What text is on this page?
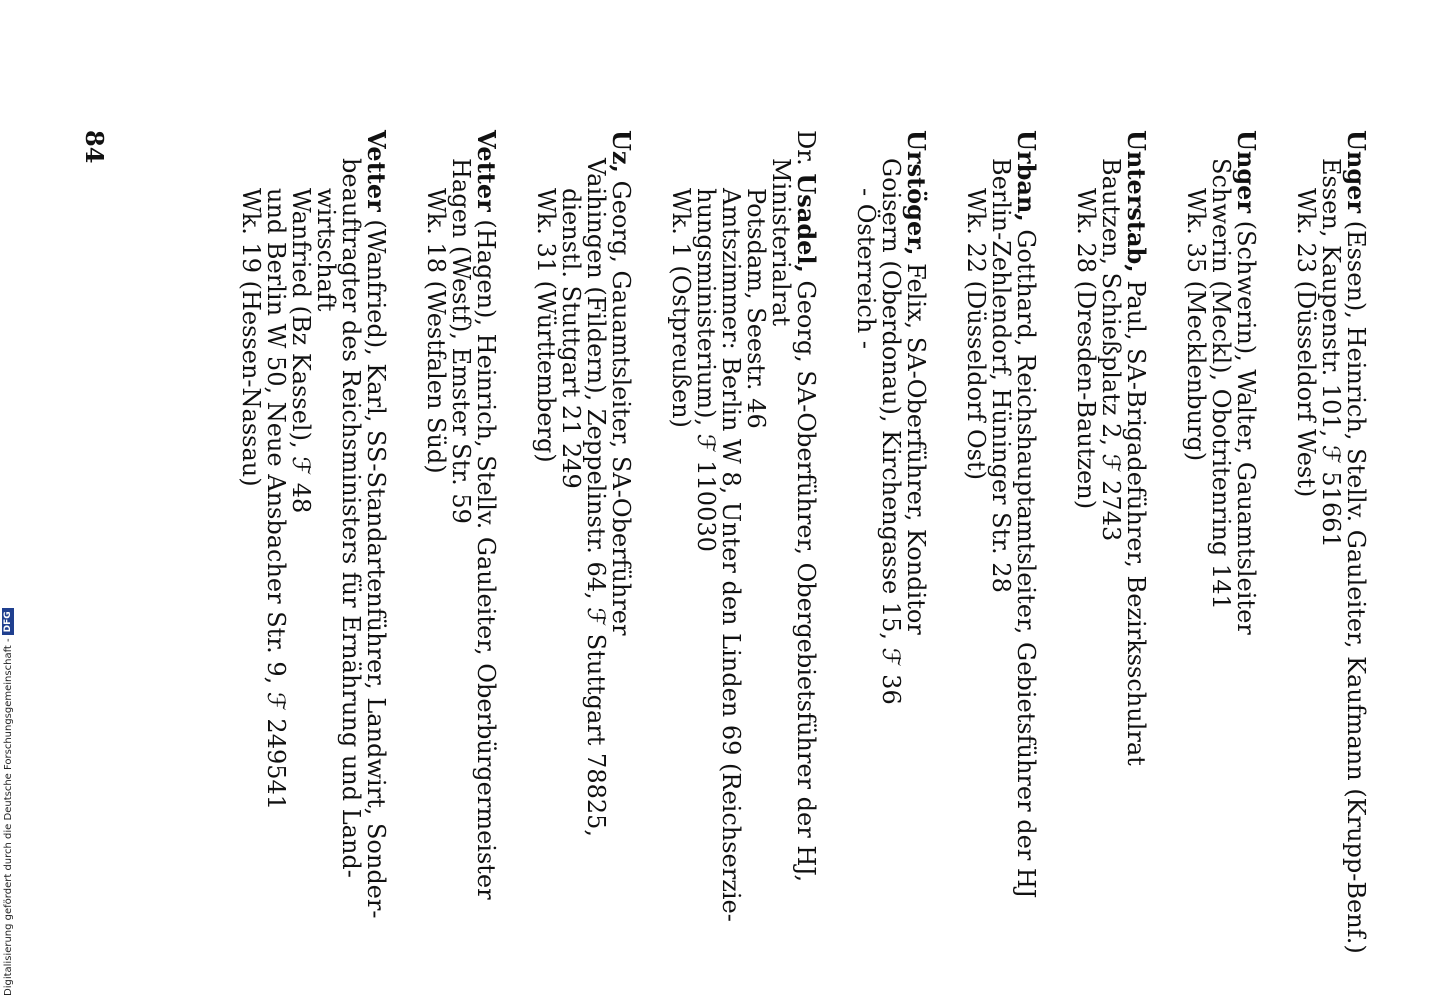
Unger (Essen), Heinrich, Stellv. Gauleiter, Kaufmann (Krupp-Benf.)
Essen, Kaupenstr. 101, ℱ 51661
Wk. 23 (Düsseldorf West)
Unger (Schwerin), Walter, Gauamtsleiter
Schwerin (Meckl), Obotritenring 141
Wk. 35 (Mecklenburg)
Unterstab, Paul, SA-Brigadeführer, Bezirksschulrat
Bautzen, Schießplatz 2, ℱ 2743
Wk. 28 (Dresden-Bautzen)
Urban, Gotthard, Reichshauptamtsleiter, Gebietsführer der HJ
Berlin-Zehlendorf, Hüninger Str. 28
Wk. 22 (Düsseldorf Ost)
Urstöger, Felix, SA-Oberführer, Konditor
Goisern (Oberdonau), Kirchengasse 15, ℱ 36
- Österreich -
Dr. Usadel, Georg, SA-Oberführer, Obergebietsführer der HJ,
Ministerialrat
Potsdam, Seestr. 46
Amtszimmer: Berlin W 8, Unter den Linden 69 (Reichserzie-
hungsministerium), ℱ 110030
Wk. 1 (Ostpreußen)
Uz, Georg, Gauamtsleiter, SA-Oberführer
Vaihingen (Fildern), Zeppelinstr. 64, ℱ Stuttgart 78825,
dienstl. Stuttgart 21 249
Wk. 31 (Württemberg)
Vetter (Hagen), Heinrich, Stellv. Gauleiter, Oberbürgermeister
Hagen (Westf), Emster Str. 59
Wk. 18 (Westfalen Süd)
Vetter (Wanfried), Karl, SS-Standartenführer, Landwirt, Sonder-
beauftragter des Reichsministers für Ernährung und Land-
wirtschaft
Wanfried (Bz Kassel), ℱ 48
und Berlin W 50, Neue Ansbacher Str. 9, ℱ 249541
Wk. 19 (Hessen-Nassau)
84
Digitalisierung gefördert durch die Deutsche Forschungsgemeinschaft -
DFG
